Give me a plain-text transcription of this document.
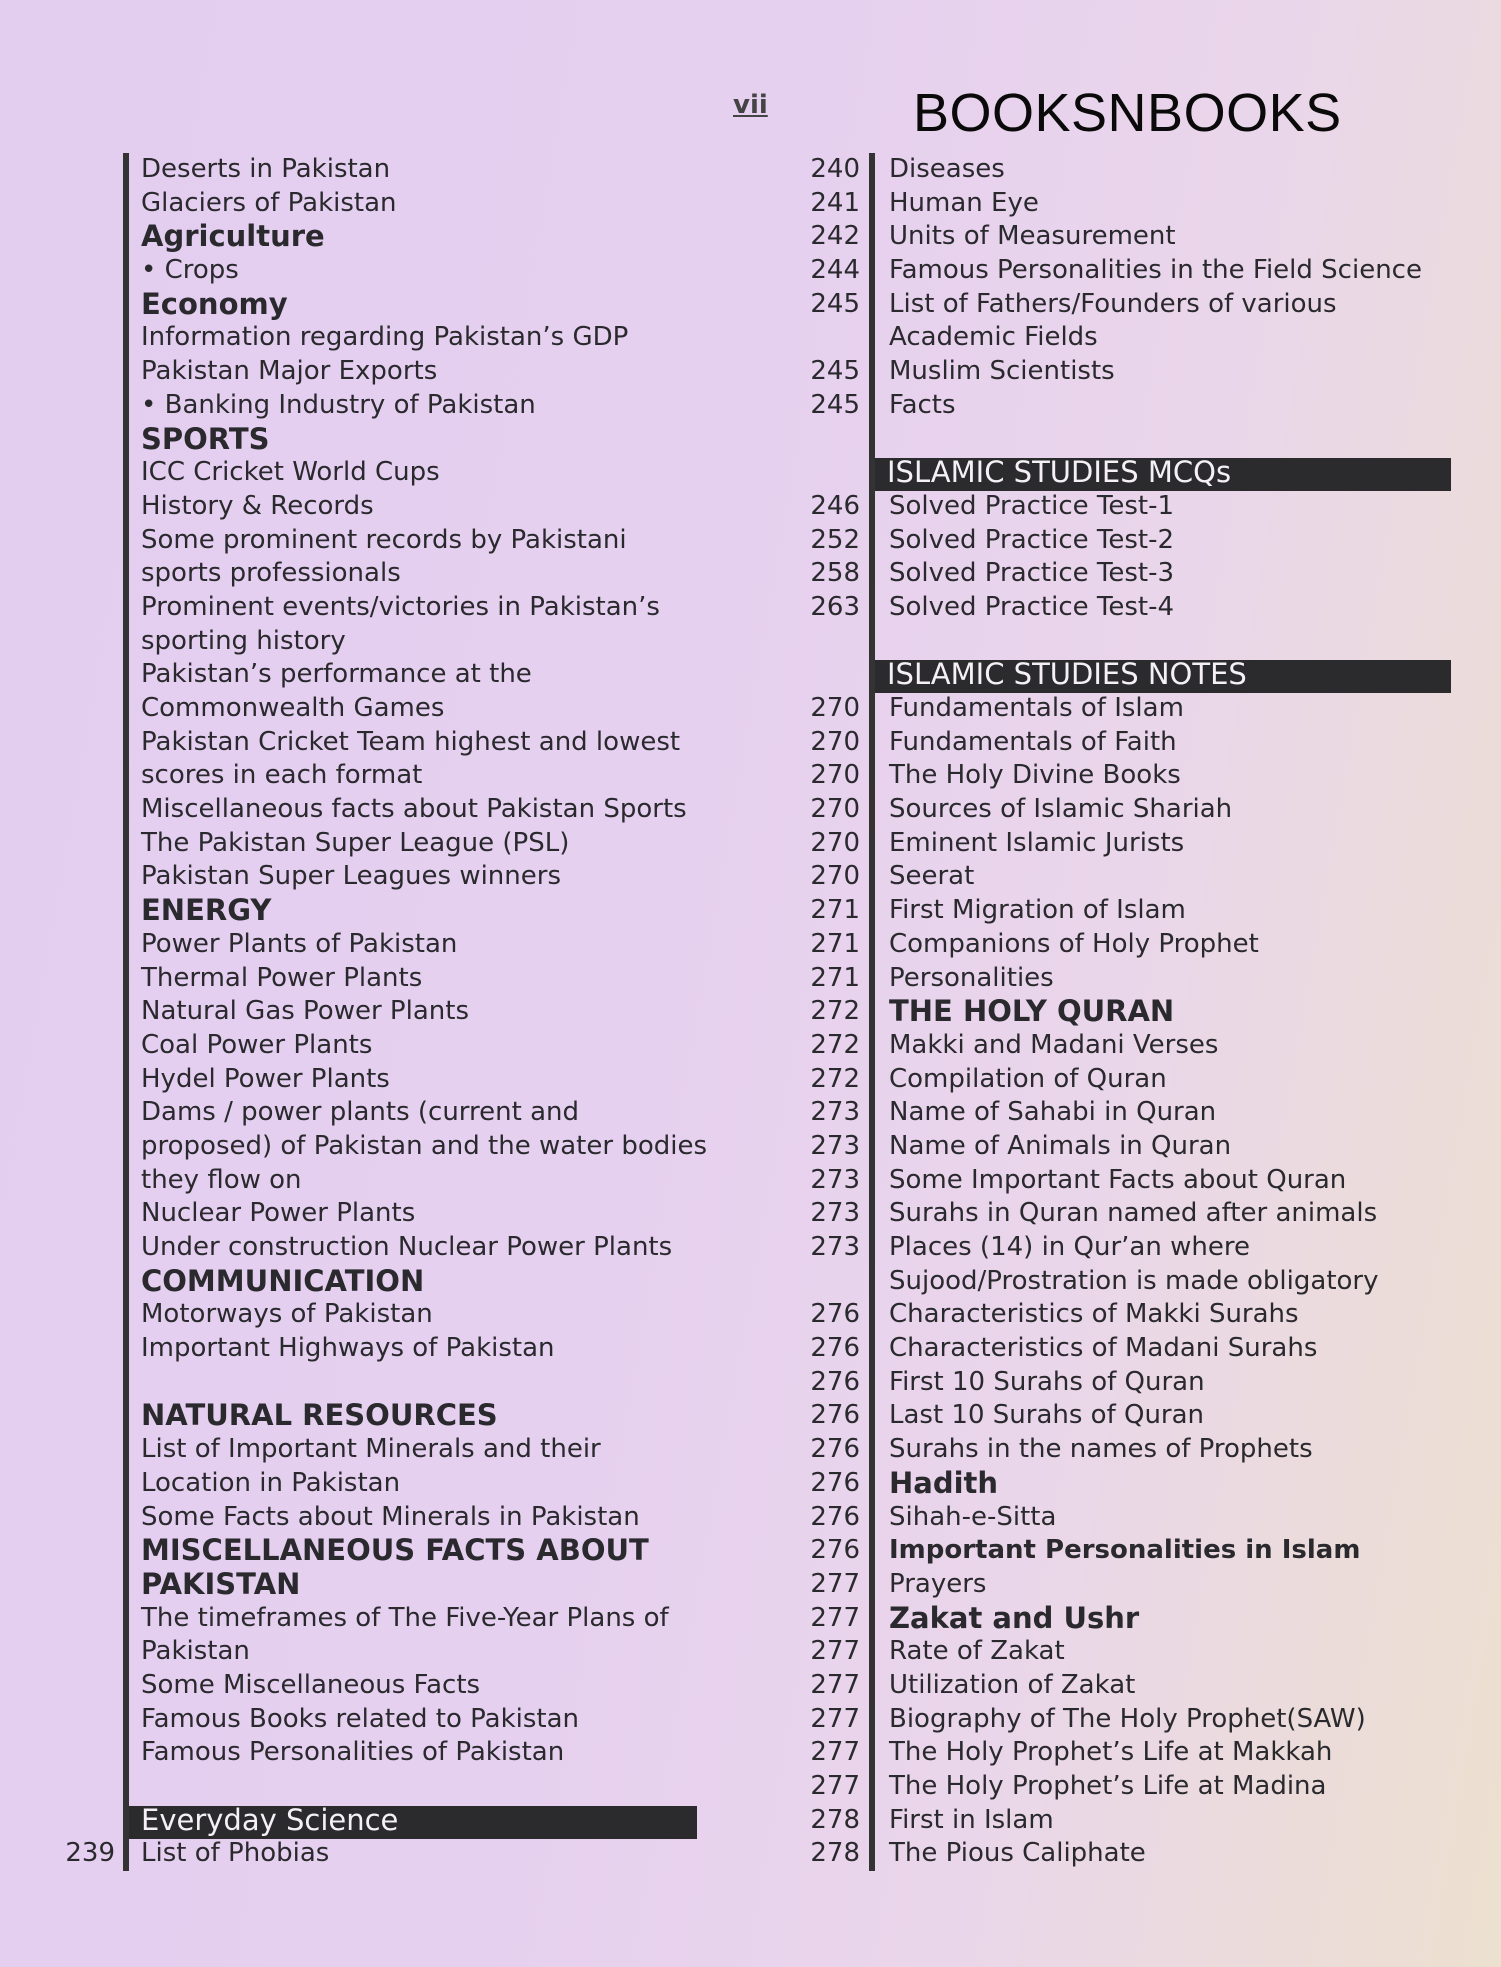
vii	BOOKSNBOOKS
Deserts in Pakistan
Glaciers of Pakistan
Agriculture
• Crops
Economy
Information regarding Pakistan’s GDP
Pakistan Major Exports
• Banking Industry of Pakistan
SPORTS
ICC Cricket World Cups
History & Records
Some prominent records by Pakistani
sports professionals
Prominent events/victories in Pakistan’s
sporting history
Pakistan’s performance at the
Commonwealth Games
Pakistan Cricket Team highest and lowest
scores in each format
Miscellaneous facts about Pakistan Sports
The Pakistan Super League (PSL)
Pakistan Super Leagues winners
ENERGY
Power Plants of Pakistan
Thermal Power Plants
Natural Gas Power Plants
Coal Power Plants
Hydel Power Plants
Dams / power plants (current and
proposed) of Pakistan and the water bodies
they flow on
Nuclear Power Plants
Under construction Nuclear Power Plants
COMMUNICATION
Motorways of Pakistan
Important Highways of Pakistan
NATURAL RESOURCES
List of Important Minerals and their
Location in Pakistan
Some Facts about Minerals in Pakistan
MISCELLANEOUS FACTS ABOUT
PAKISTAN
The timeframes of The Five-Year Plans of
Pakistan
Some Miscellaneous Facts
Famous Books related to Pakistan
Famous Personalities of Pakistan
Everyday Science
239 List of Phobias
240 Diseases
241 Human Eye
242 Units of Measurement
244 Famous Personalities in the Field Science
245 List of Fathers/Founders of various
Academic Fields
245 Muslim Scientists
245 Facts
ISLAMIC STUDIES MCQs
246 Solved Practice Test-1
252 Solved Practice Test-2
258 Solved Practice Test-3
263 Solved Practice Test-4
ISLAMIC STUDIES NOTES
270 Fundamentals of Islam
270 Fundamentals of Faith
270 The Holy Divine Books
270 Sources of Islamic Shariah
270 Eminent Islamic Jurists
270 Seerat
271 First Migration of Islam
271 Companions of Holy Prophet
271 Personalities
272 THE HOLY QURAN
272 Makki and Madani Verses
272 Compilation of Quran
273 Name of Sahabi in Quran
273 Name of Animals in Quran
273 Some Important Facts about Quran
273 Surahs in Quran named after animals
273 Places (14) in Qur’an where
Sujood/Prostration is made obligatory
276 Characteristics of Makki Surahs
276 Characteristics of Madani Surahs
276 First 10 Surahs of Quran
276 Last 10 Surahs of Quran
276 Surahs in the names of Prophets
276 Hadith
276 Sihah-e-Sitta
276 Important Personalities in Islam
277 Prayers
277 Zakat and Ushr
277 Rate of Zakat
277 Utilization of Zakat
277 Biography of The Holy Prophet(SAW)
277 The Holy Prophet’s Life at Makkah
277 The Holy Prophet’s Life at Madina
278 First in Islam
278 The Pious Caliphate
